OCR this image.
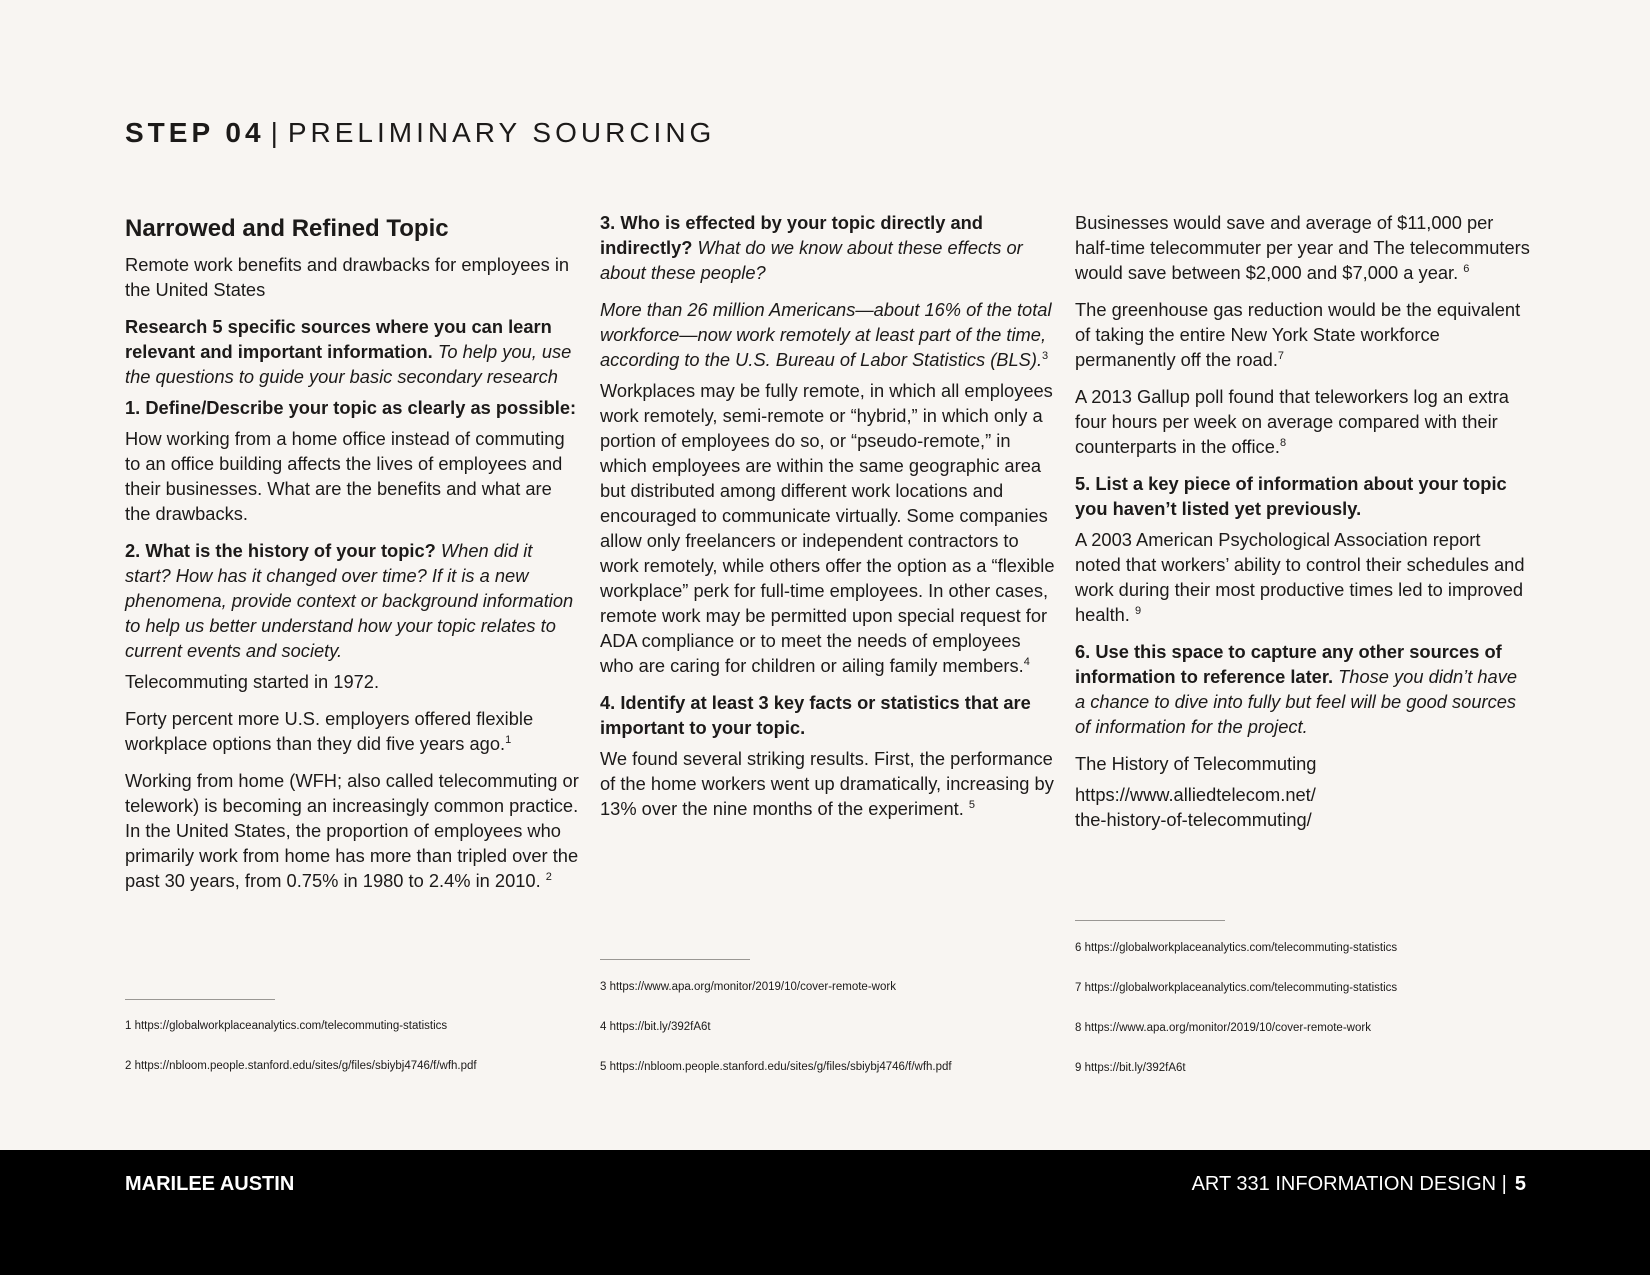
STEP 04 | PRELIMINARY SOURCING
Narrowed and Refined Topic

Remote work benefits and drawbacks for employees in the United States

Research 5 specific sources where you can learn relevant and important information. To help you, use the questions to guide your basic secondary research

1. Define/Describe your topic as clearly as possible:

How working from a home office instead of commuting to an office building affects the lives of employees and their businesses. What are the benefits and what are the drawbacks.

2. What is the history of your topic? When did it start? How has it changed over time? If it is a new phenomena, provide context or background information to help us better understand how your topic relates to current events and society.

Telecommuting started in 1972.

Forty percent more U.S. employers offered flexible workplace options than they did five years ago.$^1$

Working from home (WFH; also called telecommuting or telework) is becoming an increasingly common practice. In the United States, the proportion of employees who primarily work from home has more than tripled over the past 30 years, from 0.75% in 1980 to 2.4% in 2010. $^2$

3. Who is effected by your topic directly and indirectly? What do we know about these effects or about these people?

More than 26 million Americans—about 16% of the total workforce—now work remotely at least part of the time, according to the U.S. Bureau of Labor Statistics (BLS).$^3$

Workplaces may be fully remote, in which all employees work remotely, semi-remote or “hybrid,” in which only a portion of employees do so, or “pseudo-remote,” in which employees are within the same geographic area but distributed among different work locations and encouraged to communicate virtually. Some companies allow only freelancers or independent contractors to work remotely, while others offer the option as a “flexible workplace” perk for full-time employees. In other cases, remote work may be permitted upon special request for ADA compliance or to meet the needs of employees who are caring for children or ailing family members.$^4$

4. Identify at least 3 key facts or statistics that are important to your topic.

We found several striking results. First, the performance of the home workers went up dramatically, increasing by 13% over the nine months of the experiment. $^5$

Businesses would save and average of $11,000 per half-time telecommuter per year and The telecommuters would save between $2,000 and $7,000 a year. $^6$

The greenhouse gas reduction would be the equivalent of taking the entire New York State workforce permanently off the road.$^7$

A 2013 Gallup poll found that teleworkers log an extra four hours per week on average compared with their counterparts in the office.$^8$

5. List a key piece of information about your topic you haven’t listed yet previously.

A 2003 American Psychological Association report noted that workers’ ability to control their schedules and work during their most productive times led to improved health. $^9$

6. Use this space to capture any other sources of information to reference later. Those you didn’t have a chance to dive into fully but feel will be good sources of information for the project.

The History of Telecommuting

https://www.alliedtelecom.net/
the-history-of-telecommuting/

1 https://globalworkplaceanalytics.com/telecommuting-statistics
2 https://nbloom.people.stanford.edu/sites/g/files/sbiybj4746/f/wfh.pdf
3 https://www.apa.org/monitor/2019/10/cover-remote-work
4 https://bit.ly/392fA6t
5 https://nbloom.people.stanford.edu/sites/g/files/sbiybj4746/f/wfh.pdf
6 https://globalworkplaceanalytics.com/telecommuting-statistics
7 https://globalworkplaceanalytics.com/telecommuting-statistics
8 https://www.apa.org/monitor/2019/10/cover-remote-work
9 https://bit.ly/392fA6t
MARILEE AUSTIN	ART 331 INFORMATION DESIGN | 5
